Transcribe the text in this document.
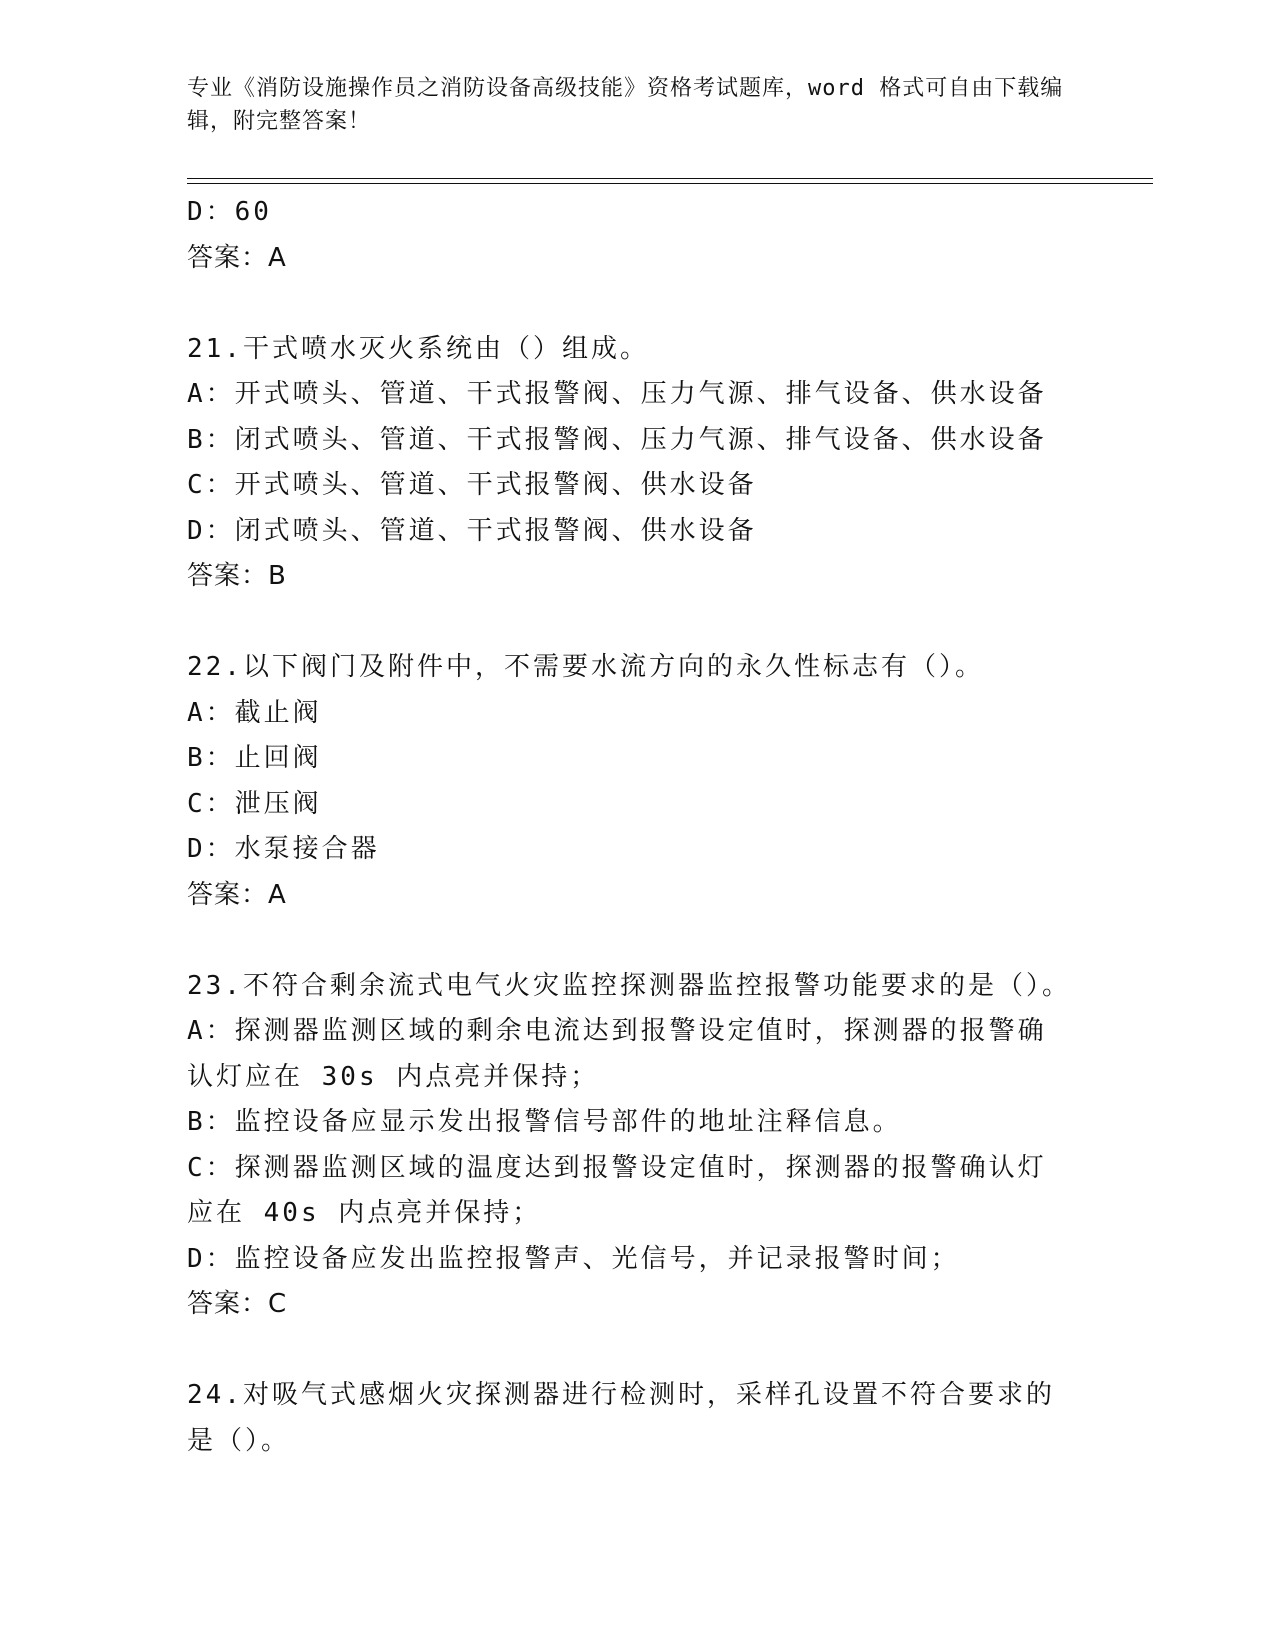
专业《消防设施操作员之消防设备高级技能》资格考试题库，word 格式可自由下载编辑，附完整答案！
D：60
答案：A
21.干式喷水灭火系统由（）组成。
A：开式喷头、管道、干式报警阀、压力气源、排气设备、供水设备
B：闭式喷头、管道、干式报警阀、压力气源、排气设备、供水设备
C：开式喷头、管道、干式报警阀、供水设备
D：闭式喷头、管道、干式报警阀、供水设备
答案：B
22.以下阀门及附件中，不需要水流方向的永久性标志有（）。
A：截止阀
B：止回阀
C：泄压阀
D：水泵接合器
答案：A
23.不符合剩余流式电气火灾监控探测器监控报警功能要求的是（）。
A：探测器监测区域的剩余电流达到报警设定值时，探测器的报警确认灯应在 30s 内点亮并保持；
B：监控设备应显示发出报警信号部件的地址注释信息。
C：探测器监测区域的温度达到报警设定值时，探测器的报警确认灯应在 40s 内点亮并保持；
D：监控设备应发出监控报警声、光信号，并记录报警时间；
答案：C
24.对吸气式感烟火灾探测器进行检测时，采样孔设置不符合要求的是（）。
